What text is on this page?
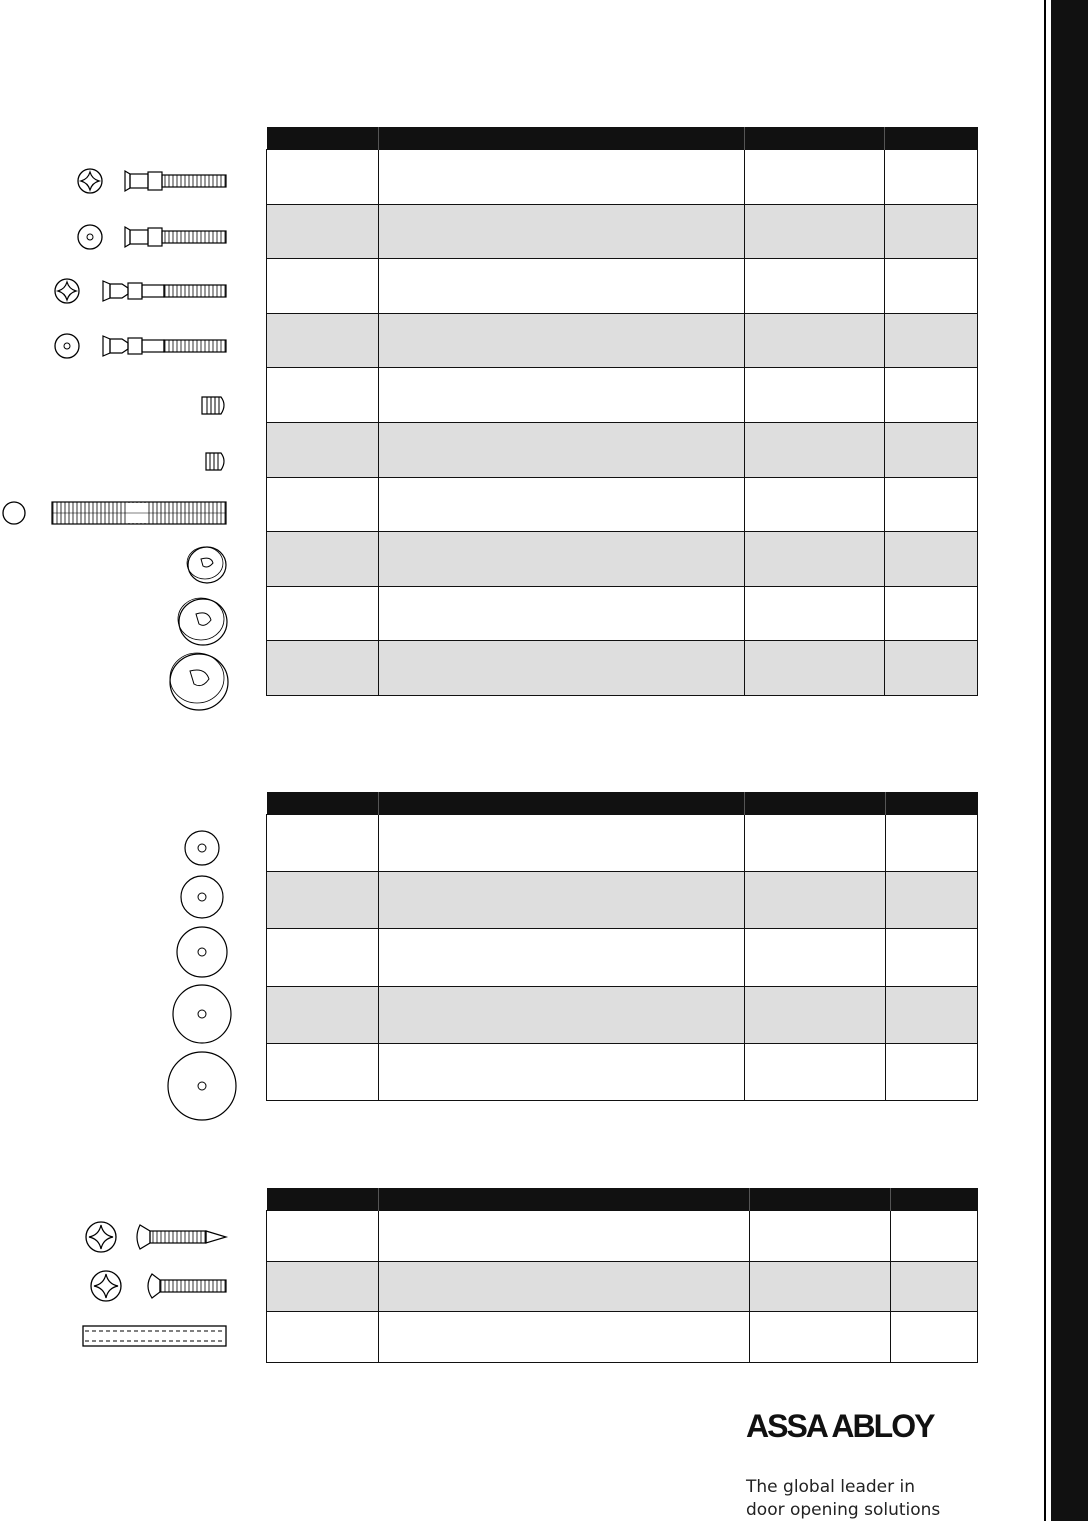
ASSA ABLOY
The global leader in
door opening solutions
